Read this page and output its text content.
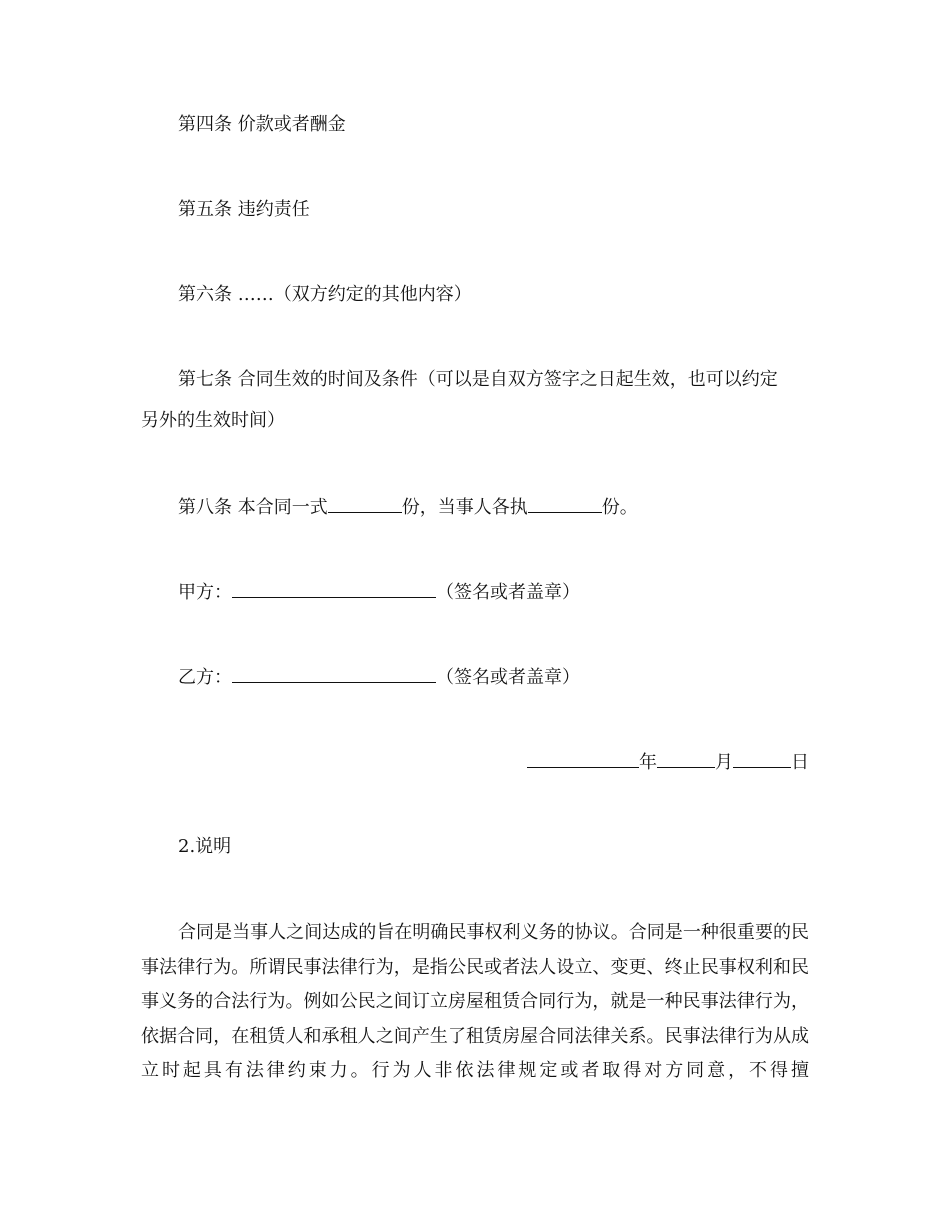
第四条 价款或者酬金
第五条 违约责任
第六条 ……（双方约定的其他内容）
第七条 合同生效的时间及条件（可以是自双方签字之日起生效，也可以约定
另外的生效时间）
第八条 本合同一式	份，当事人各执	份。
甲方：	（签名或者盖章）
乙方：	（签名或者盖章）
年	月	日
2.说明
合同是当事人之间达成的旨在明确民事权利义务的协议。合同是一种很重要的民事法律行为。所谓民事法律行为，是指公民或者法人设立、变更、终止民事权利和民事义务的合法行为。例如公民之间订立房屋租赁合同行为，就是一种民事法律行为，依据合同，在租赁人和承租人之间产生了租赁房屋合同法律关系。民事法律行为从成立时起具有法律约束力。行为人非依法律规定或者取得对方同意，不得擅
